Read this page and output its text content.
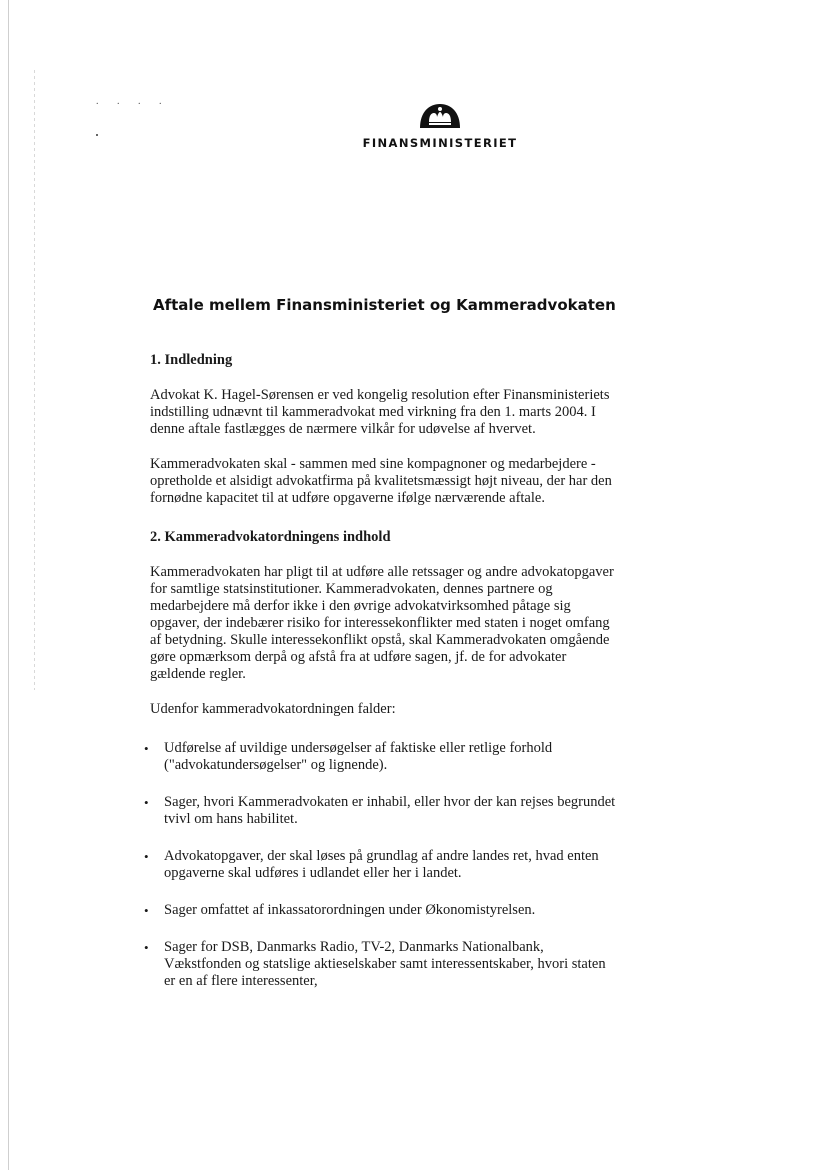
. . . .
FINANSMINISTERIET
Aftale mellem Finansministeriet og Kammeradvokaten

1. Indledning

Advokat K. Hagel-Sørensen er ved kongelig resolution efter Finansministeriets indstilling udnævnt til kammeradvokat med virkning fra den 1. marts 2004. I denne aftale fastlægges de nærmere vilkår for udøvelse af hvervet.

Kammeradvokaten skal - sammen med sine kompagnoner og medarbejdere - opretholde et alsidigt advokatfirma på kvalitetsmæssigt højt niveau, der har den fornødne kapacitet til at udføre opgaverne ifølge nærværende aftale.

2. Kammeradvokatordningens indhold

Kammeradvokaten har pligt til at udføre alle retssager og andre advokatopgaver for samtlige statsinstitutioner. Kammeradvokaten, dennes partnere og medarbejdere må derfor ikke i den øvrige advokatvirksomhed påtage sig opgaver, der indebærer risiko for interessekonflikter med staten i noget omfang af betydning. Skulle interessekonflikt opstå, skal Kammeradvokaten omgående gøre opmærksom derpå og afstå fra at udføre sagen, jf. de for advokater gældende regler.

Udenfor kammeradvokatordningen falder:

• Udførelse af uvildige undersøgelser af faktiske eller retlige forhold ("advokatundersøgelser" og lignende).
• Sager, hvori Kammeradvokaten er inhabil, eller hvor der kan rejses begrundet tvivl om hans habilitet.
• Advokatopgaver, der skal løses på grundlag af andre landes ret, hvad enten opgaverne skal udføres i udlandet eller her i landet.
• Sager omfattet af inkassatorordningen under Økonomistyrelsen.
• Sager for DSB, Danmarks Radio, TV-2, Danmarks Nationalbank, Vækstfonden og statslige aktieselskaber samt interessentskaber, hvori staten er en af flere interessenter,
